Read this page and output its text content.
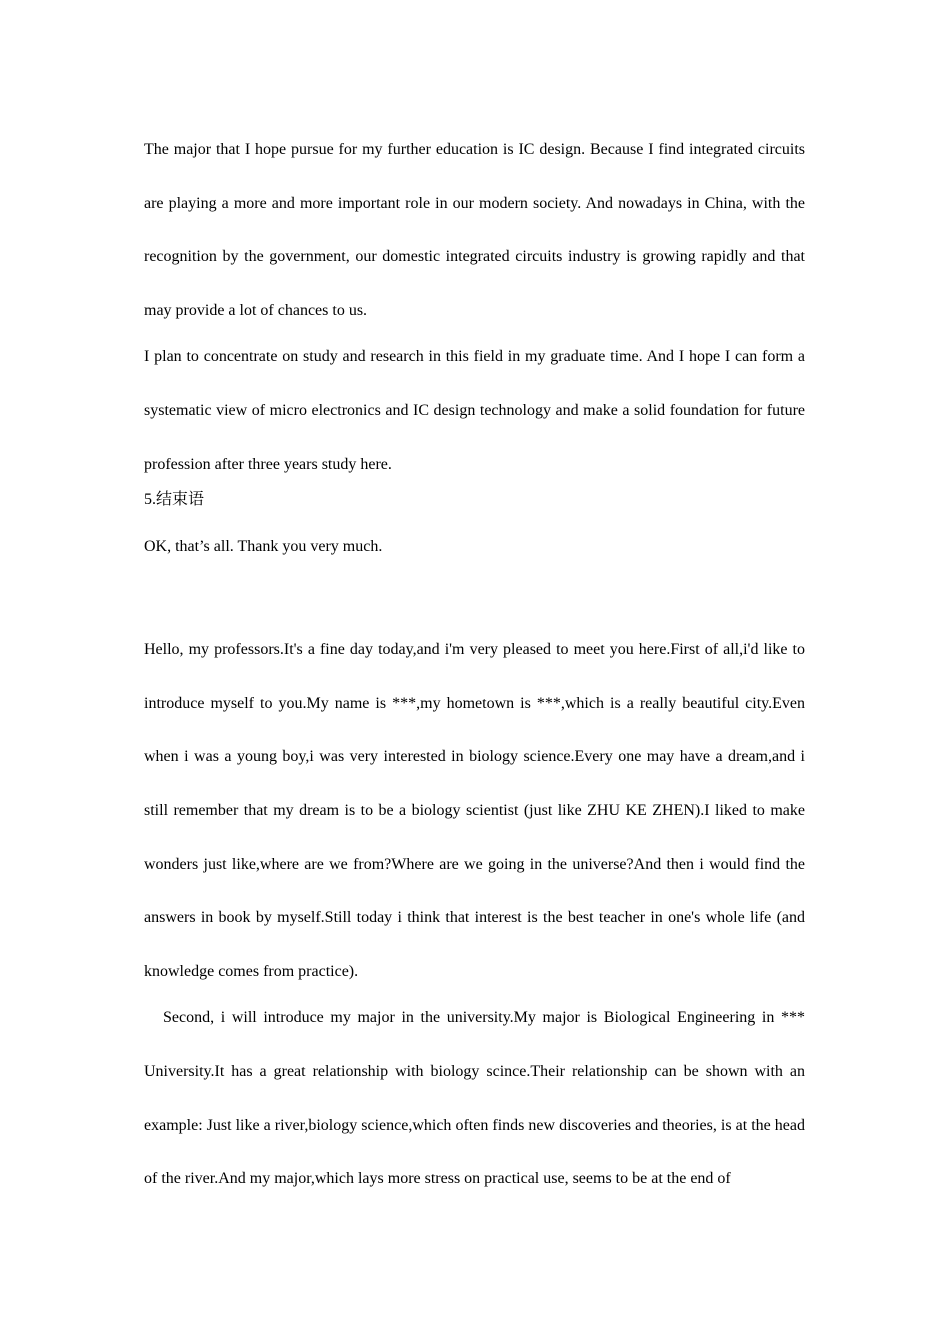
The major that I hope pursue for my further education is IC design. Because I find integrated circuits are playing a more and more important role in our modern society. And nowadays in China, with the recognition by the government, our domestic integrated circuits industry is growing rapidly and that may provide a lot of chances to us.

I plan to concentrate on study and research in this field in my graduate time. And I hope I can form a systematic view of micro electronics and IC design technology and make a solid foundation for future profession after three years study here.

5.结束语

OK, that’s all. Thank you very much.

Hello, my professors.It's a fine day today,and i'm very pleased to meet you here.First of all,i'd like to introduce myself to you.My name is ***,my hometown is ***,which is a really beautiful city.Even when i was a young boy,i was very interested in biology science.Every one may have a dream,and i still remember that my dream is to be a biology scientist (just like ZHU KE ZHEN).I liked to make wonders just like,where are we from?Where are we going in the universe?And then i would find the answers in book by myself.Still today i think that interest is the best teacher in one's whole life (and knowledge comes from practice).

Second, i will introduce my major in the university.My major is Biological Engineering in *** University.It has a great relationship with biology scince.Their relationship can be shown with an example: Just like a river,biology science,which often finds new discoveries and theories, is at the head of the river.And my major,which lays more stress on practical use, seems to be at the end of
